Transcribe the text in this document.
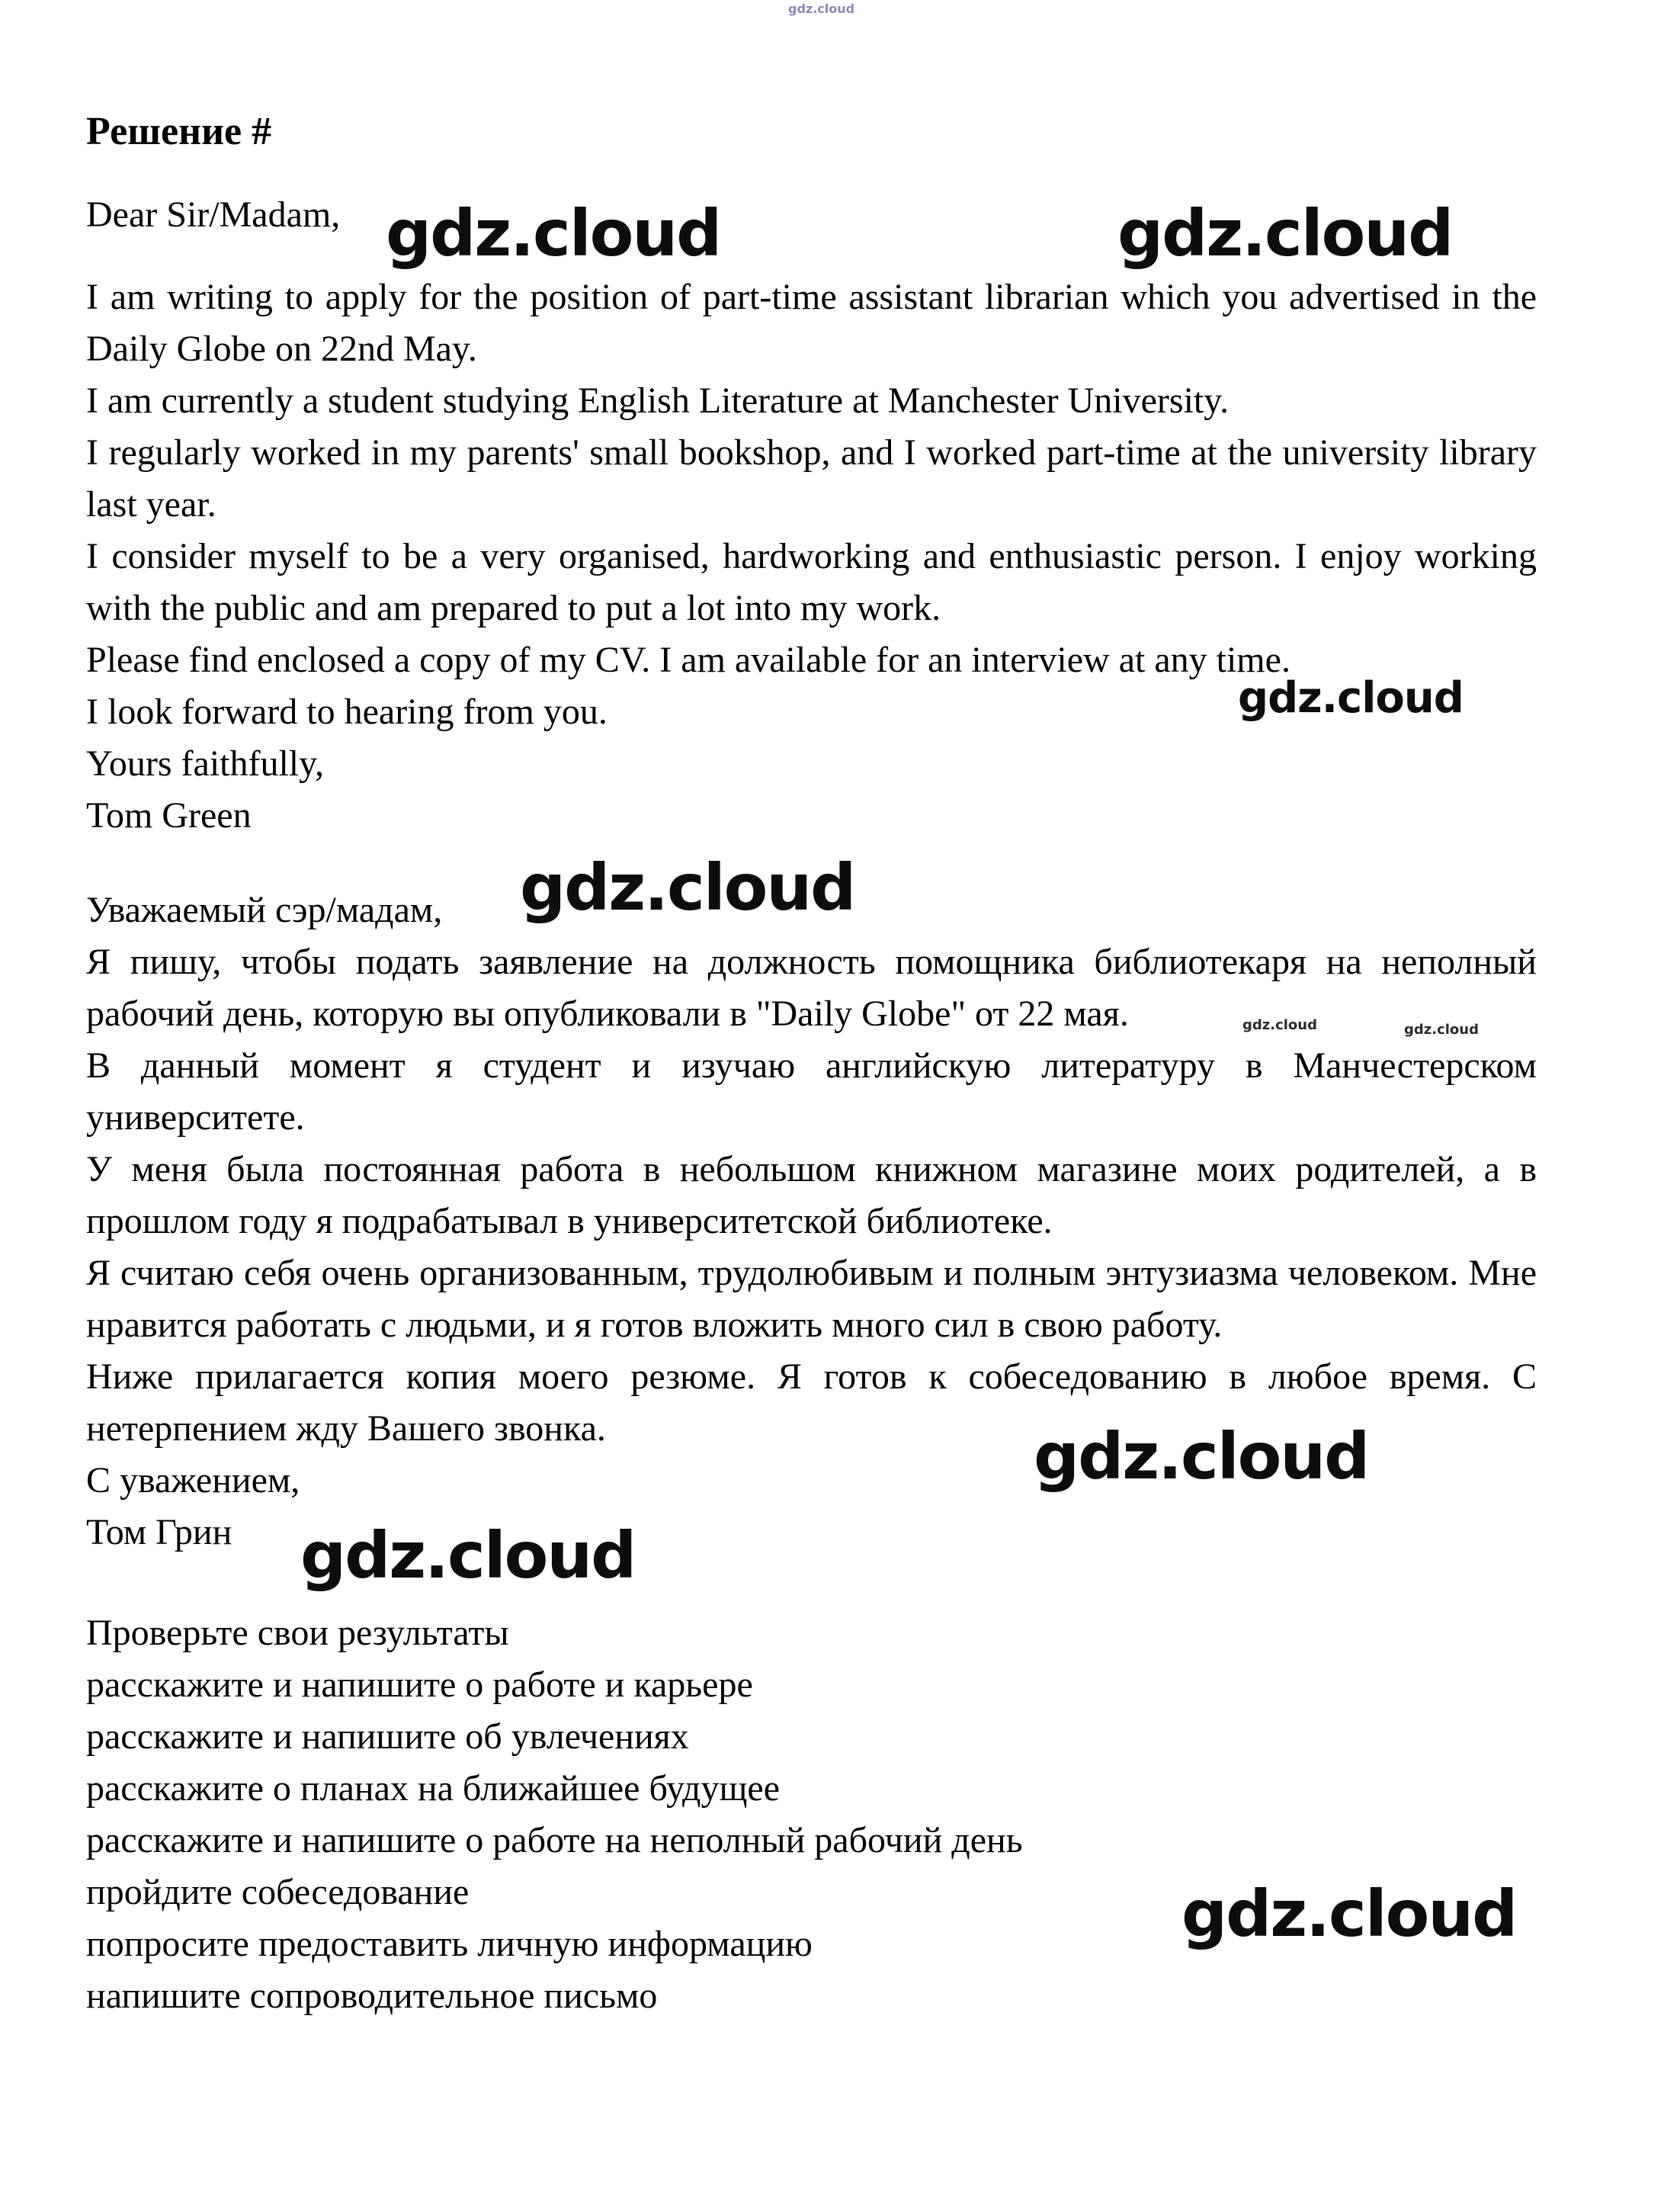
gdz.cloud
gdz.cloud	gdz.cloud
gdz.cloud
gdz.cloud
gdz.cloud	gdz.cloud
gdz.cloud
gdz.cloud
gdz.cloud
Решение #

Dear Sir/Madam,

I am writing to apply for the position of part-time assistant librarian which you advertised in the Daily Globe on 22nd May.

I am currently a student studying English Literature at Manchester University.

I regularly worked in my parents' small bookshop, and I worked part-time at the university library last year.

I consider myself to be a very organised, hardworking and enthusiastic person. I enjoy working with the public and am prepared to put a lot into my work.

Please find enclosed a copy of my CV. I am available for an interview at any time.

I look forward to hearing from you.

Yours faithfully,

Tom Green

Уважаемый сэр/мадам,

Я пишу, чтобы подать заявление на должность помощника библиотекаря на неполный рабочий день, которую вы опубликовали в "Daily Globe" от 22 мая.

В данный момент я студент и изучаю английскую литературу в Манчестерском университете.

У меня была постоянная работа в небольшом книжном магазине моих родителей, а в прошлом году я подрабатывал в университетской библиотеке.

Я считаю себя очень организованным, трудолюбивым и полным энтузиазма человеком. Мне нравится работать с людьми, и я готов вложить много сил в свою работу.

Ниже прилагается копия моего резюме. Я готов к собеседованию в любое время. С нетерпением жду Вашего звонка.

С уважением,

Том Грин

Проверьте свои результаты

расскажите и напишите о работе и карьере

расскажите и напишите об увлечениях

расскажите о планах на ближайшее будущее

расскажите и напишите о работе на неполный рабочий день

пройдите собеседование

попросите предоставить личную информацию

напишите сопроводительное письмо
